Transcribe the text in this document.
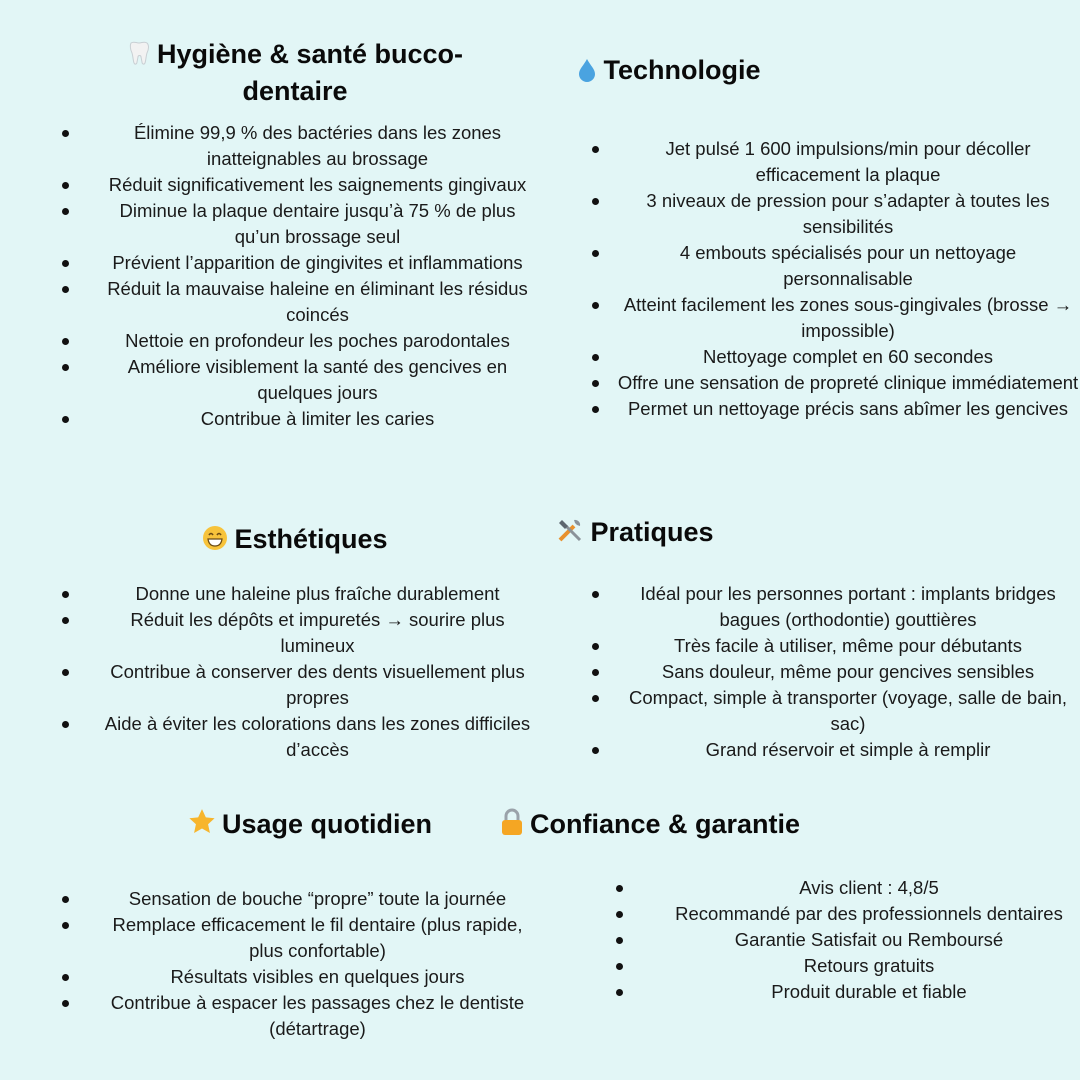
Hygiène & santé bucco-dentaire
Élimine 99,9 % des bactéries dans les zones inatteignables au brossage
Réduit significativement les saignements gingivaux
Diminue la plaque dentaire jusqu’à 75 % de plus qu’un brossage seul
Prévient l’apparition de gingivites et inflammations
Réduit la mauvaise haleine en éliminant les résidus coincés
Nettoie en profondeur les poches parodontales
Améliore visiblement la santé des gencives en quelques jours
Contribue à limiter les caries
Technologie
Jet pulsé 1 600 impulsions/min pour décoller efficacement la plaque
3 niveaux de pression pour s’adapter à toutes les sensibilités
4 embouts spécialisés pour un nettoyage personnalisable
Atteint facilement les zones sous-gingivales (brosse → impossible)
Nettoyage complet en 60 secondes
Offre une sensation de propreté clinique immédiatement
Permet un nettoyage précis sans abîmer les gencives
Esthétiques
Donne une haleine plus fraîche durablement
Réduit les dépôts et impuretés → sourire plus lumineux
Contribue à conserver des dents visuellement plus propres
Aide à éviter les colorations dans les zones difficiles d’accès
Pratiques
Idéal pour les personnes portant : implants bridges bagues (orthodontie) gouttières
Très facile à utiliser, même pour débutants
Sans douleur, même pour gencives sensibles
Compact, simple à transporter (voyage, salle de bain, sac)
Grand réservoir et simple à remplir
Usage quotidien
Sensation de bouche “propre” toute la journée
Remplace efficacement le fil dentaire (plus rapide, plus confortable)
Résultats visibles en quelques jours
Contribue à espacer les passages chez le dentiste (détartrage)
Confiance & garantie
Avis client : 4,8/5
Recommandé par des professionnels dentaires
Garantie Satisfait ou Remboursé
Retours gratuits
Produit durable et fiable
